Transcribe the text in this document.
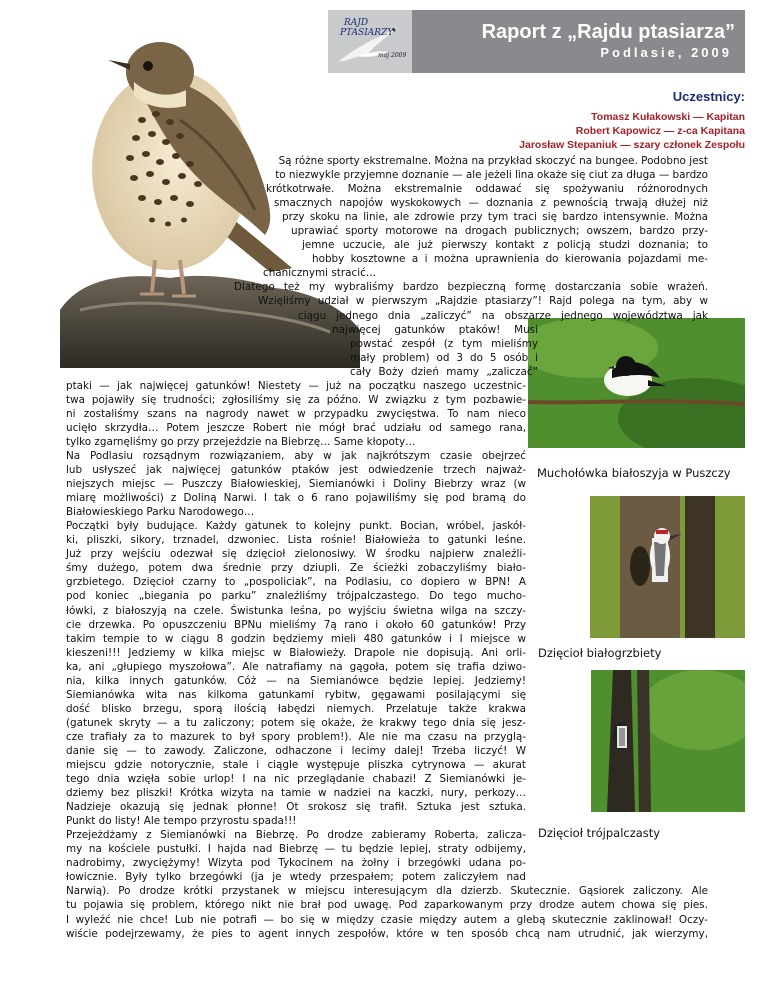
RAJD
PTASIARZY
maj 2009
Raport z „Rajdu ptasiarza”
Podlasie, 2009
Uczestnicy:
Tomasz Kułakowski — Kapitan
Robert Kapowicz — z-ca Kapitana
Jarosław Stepaniuk — szary członek Zespołu
Muchołówka białoszyja w Puszczy
Dzięcioł białogrzbiety
Dzięcioł trójpalczasty

Są różne sporty ekstremalne. Można na przykład skoczyć na bungee. Podobno jest

to niezwykle przyjemne doznanie — ale jeżeli lina okaże się ciut za długa — bardzo

krótkotrwałe. Można ekstremalnie oddawać się spożywaniu różnorodnych

smacznych napojów wyskokowych — doznania z pewnością trwają dłużej niż

przy skoku na linie, ale zdrowie przy tym traci się bardzo intensywnie. Można

uprawiać sporty motorowe na drogach publicznych; owszem, bardzo przy-

jemne uczucie, ale już pierwszy kontakt z policją studzi doznania; to

hobby kosztowne a i można uprawnienia do kierowania pojazdami me-

chanicznymi stracić…

Dlatego też my wybraliśmy bardzo bezpieczną formę dostarczania sobie wrażeń.

Wzięliśmy udział w pierwszym „Rajdzie ptasiarzy”! Rajd polega na tym, aby w

ciągu jednego dnia „zaliczyć” na obszarze jednego województwa jak

najwięcej gatunków ptaków! Musi

powstać zespół (z tym mieliśmy

mały problem) od 3 do 5 osób i

cały Boży dzień mamy „zaliczać”

ptaki — jak najwięcej gatunków! Niestety — już na początku naszego uczestnic-

twa pojawiły się trudności; zgłosiliśmy się za późno. W związku z tym pozbawie-

ni zostaliśmy szans na nagrody nawet w przypadku zwycięstwa. To nam nieco

ucięło skrzydła… Potem jeszcze Robert nie mógł brać udziału od samego rana,

tylko zgarnęliśmy go przy przejeździe na Biebrzę… Same kłopoty…

Na Podlasiu rozsądnym rozwiązaniem, aby w jak najkrótszym czasie obejrzeć

lub usłyszeć jak najwięcej gatunków ptaków jest odwiedzenie trzech najważ-

niejszych miejsc — Puszczy Białowieskiej, Siemianówki i Doliny Biebrzy wraz (w

miarę możliwości) z Doliną Narwi. I tak o 6 rano pojawiliśmy się pod bramą do

Białowieskiego Parku Narodowego…

Początki były budujące. Każdy gatunek to kolejny punkt. Bocian, wróbel, jaskół-

ki, pliszki, sikory, trznadel, dzwoniec. Lista rośnie! Białowieża to gatunki leśne.

Już przy wejściu odezwał się dzięcioł zielonosiwy. W środku najpierw znaleźli-

śmy dużego, potem dwa średnie przy dziupli. Ze ścieżki zobaczyliśmy biało-

grzbietego. Dzięcioł czarny to „pospoliciak”, na Podlasiu, co dopiero w BPN! A

pod koniec „biegania po parku” znaleźliśmy trójpalczastego. Do tego mucho-

łówki, z białoszyją na czele. Świstunka leśna, po wyjściu świetna wilga na szczy-

cie drzewka. Po opuszczeniu BPNu mieliśmy 7ą rano i około 60 gatunków! Przy

takim tempie to w ciągu 8 godzin będziemy mieli 480 gatunków i I miejsce w

kieszeni!!! Jedziemy w kilka miejsc w Białowieży. Drapole nie dopisują. Ani orli-

ka, ani „głupiego myszołowa”. Ale natrafiamy na gągoła, potem się trafia dziwo-

nia, kilka innych gatunków. Cóż — na Siemianówce będzie lepiej. Jedziemy!

Siemianówka wita nas kilkoma gatunkami rybitw, gęgawami posilającymi się

dość blisko brzegu, sporą ilością łabędzi niemych. Przelatuje także krakwa

(gatunek skryty — a tu zaliczony; potem się okaże, że krakwy tego dnia się jesz-

cze trafiały za to mazurek to był spory problem!). Ale nie ma czasu na przyglą-

danie się — to zawody. Zaliczone, odhaczone i lecimy dalej! Trzeba liczyć! W

miejscu gdzie notorycznie, stale i ciągle występuje pliszka cytrynowa — akurat

tego dnia wzięła sobie urlop! I na nic przeglądanie chabazi! Z Siemianówki je-

dziemy bez pliszki! Krótka wizyta na tamie w nadziei na kaczki, nury, perkozy…

Nadzieje okazują się jednak płonne! Ot srokosz się trafił. Sztuka jest sztuka.

Punkt do listy! Ale tempo przyrostu spada!!!

Przejeżdżamy z Siemianówki na Biebrzę. Po drodze zabieramy Roberta, zalicza-

my na kościele pustułki. I hajda nad Biebrzę — tu będzie lepiej, straty odbijemy,

nadrobimy, zwyciężymy! Wizyta pod Tykocinem na żołny i brzegówki udana po-

łowicznie. Były tylko brzegówki (ja je wtedy przespałem; potem zaliczyłem nad

Narwią). Po drodze krótki przystanek w miejscu interesującym dla dzierzb. Skutecznie. Gąsiorek zaliczony. Ale

tu pojawia się problem, którego nikt nie brał pod uwagę. Pod zaparkowanym przy drodze autem chowa się pies.

I wyleźć nie chce! Lub nie potrafi — bo się w między czasie między autem a glebą skutecznie zaklinował! Oczy-

wiście podejrzewamy, że pies to agent innych zespołów, które w ten sposób chcą nam utrudnić, jak wierzymy,
